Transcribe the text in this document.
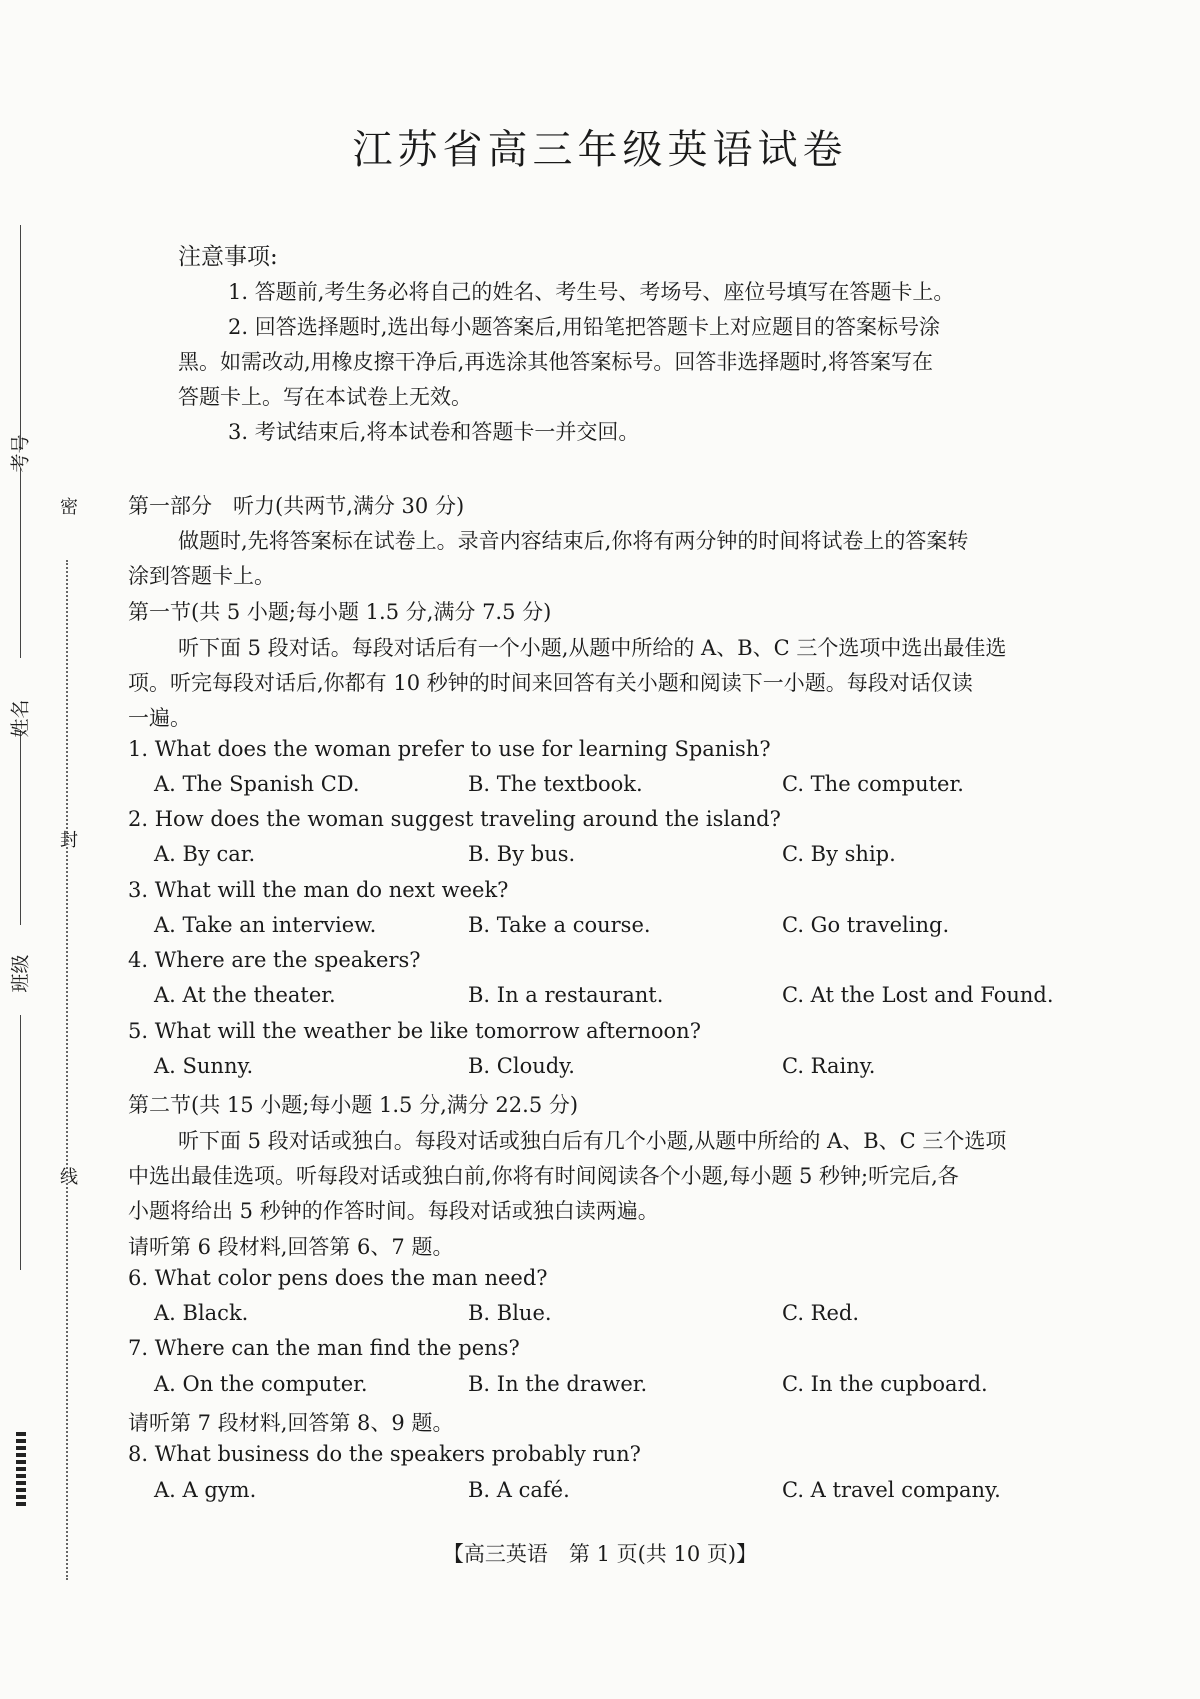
考号
姓名
班级
密
封
线
江苏省高三年级英语试卷
注意事项:
1. 答题前,考生务必将自己的姓名、考生号、考场号、座位号填写在答题卡上。
2. 回答选择题时,选出每小题答案后,用铅笔把答题卡上对应题目的答案标号涂
黑。如需改动,用橡皮擦干净后,再选涂其他答案标号。回答非选择题时,将答案写在
答题卡上。写在本试卷上无效。
3. 考试结束后,将本试卷和答题卡一并交回。
第一部分　听力(共两节,满分 30 分)
做题时,先将答案标在试卷上。录音内容结束后,你将有两分钟的时间将试卷上的答案转
涂到答题卡上。
第一节(共 5 小题;每小题 1.5 分,满分 7.5 分)
听下面 5 段对话。每段对话后有一个小题,从题中所给的 A、B、C 三个选项中选出最佳选
项。听完每段对话后,你都有 10 秒钟的时间来回答有关小题和阅读下一小题。每段对话仅读
一遍。
1. What does the woman prefer to use for learning Spanish?
A. The Spanish CD.	B. The textbook.	C. The computer.
2. How does the woman suggest traveling around the island?
A. By car.	B. By bus.	C. By ship.
3. What will the man do next week?
A. Take an interview.	B. Take a course.	C. Go traveling.
4. Where are the speakers?
A. At the theater.	B. In a restaurant.	C. At the Lost and Found.
5. What will the weather be like tomorrow afternoon?
A. Sunny.	B. Cloudy.	C. Rainy.
第二节(共 15 小题;每小题 1.5 分,满分 22.5 分)
听下面 5 段对话或独白。每段对话或独白后有几个小题,从题中所给的 A、B、C 三个选项
中选出最佳选项。听每段对话或独白前,你将有时间阅读各个小题,每小题 5 秒钟;听完后,各
小题将给出 5 秒钟的作答时间。每段对话或独白读两遍。
请听第 6 段材料,回答第 6、7 题。
6. What color pens does the man need?
A. Black.	B. Blue.	C. Red.
7. Where can the man find the pens?
A. On the computer.	B. In the drawer.	C. In the cupboard.
请听第 7 段材料,回答第 8、9 题。
8. What business do the speakers probably run?
A. A gym.	B. A café.	C. A travel company.
【高三英语　第 1 页(共 10 页)】
